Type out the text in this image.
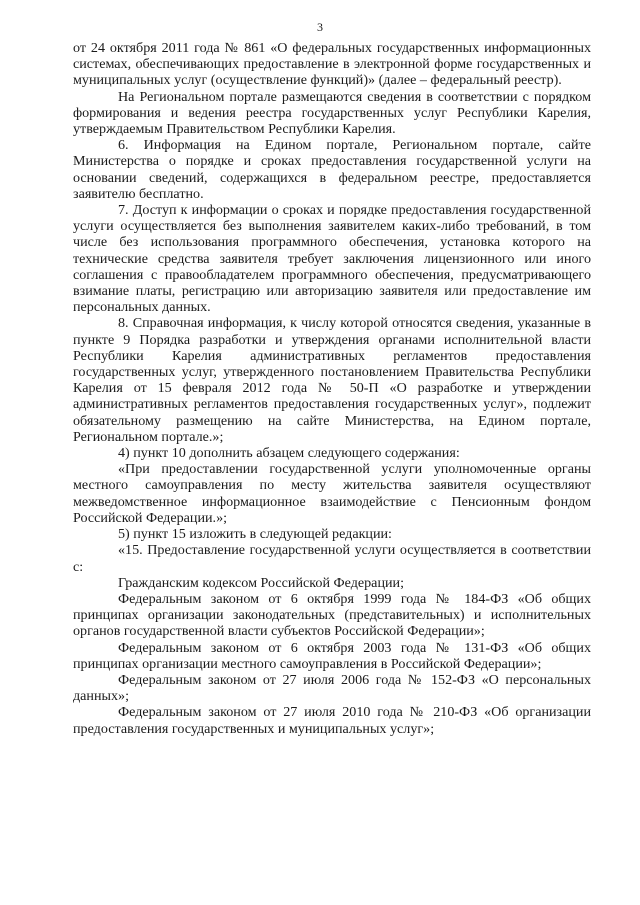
3

от 24 октября 2011 года № 861 «О федеральных государственных информационных системах, обеспечивающих предоставление в электронной форме государственных и муниципальных услуг (осуществление функций)» (далее – федеральный реестр).

На Региональном портале размещаются сведения в соответствии с порядком формирования и ведения реестра государственных услуг Республики Карелия, утверждаемым Правительством Республики Карелия.

6. Информация на Едином портале, Региональном портале, сайте Министерства о порядке и сроках предоставления государственной услуги на основании сведений, содержащихся в федеральном реестре, предоставляется заявителю бесплатно.

7. Доступ к информации о сроках и порядке предоставления государственной услуги осуществляется без выполнения заявителем каких-либо требований, в том числе без использования программного обеспечения, установка которого на технические средства заявителя требует заключения лицензионного или иного соглашения с правообладателем программного обеспечения, предусматривающего взимание платы, регистрацию или авторизацию заявителя или предоставление им персональных данных.

8. Справочная информация, к числу которой относятся сведения, указанные в пункте 9 Порядка разработки и утверждения органами исполнительной власти Республики Карелия административных регламентов предоставления государственных услуг, утвержденного постановлением Правительства Республики Карелия от 15 февраля 2012 года № 50-П «О разработке и утверждении административных регламентов предоставления государственных услуг», подлежит обязательному размещению на сайте Министерства, на Едином портале, Региональном портале.»;

4) пункт 10 дополнить абзацем следующего содержания:

«При предоставлении государственной услуги уполномоченные органы местного самоуправления по месту жительства заявителя осуществляют межведомственное информационное взаимодействие с Пенсионным фондом Российской Федерации.»;

5) пункт 15 изложить в следующей редакции:

«15. Предоставление государственной услуги осуществляется в соответствии с:

Гражданским кодексом Российской Федерации;

Федеральным законом от 6 октября 1999 года № 184-ФЗ «Об общих принципах организации законодательных (представительных) и исполнительных органов государственной власти субъектов Российской Федерации»;

Федеральным законом от 6 октября 2003 года № 131-ФЗ «Об общих принципах организации местного самоуправления в Российской Федерации»;

Федеральным законом от 27 июля 2006 года № 152-ФЗ «О персональных данных»;

Федеральным законом от 27 июля 2010 года № 210-ФЗ «Об организации предоставления государственных и муниципальных услуг»;
